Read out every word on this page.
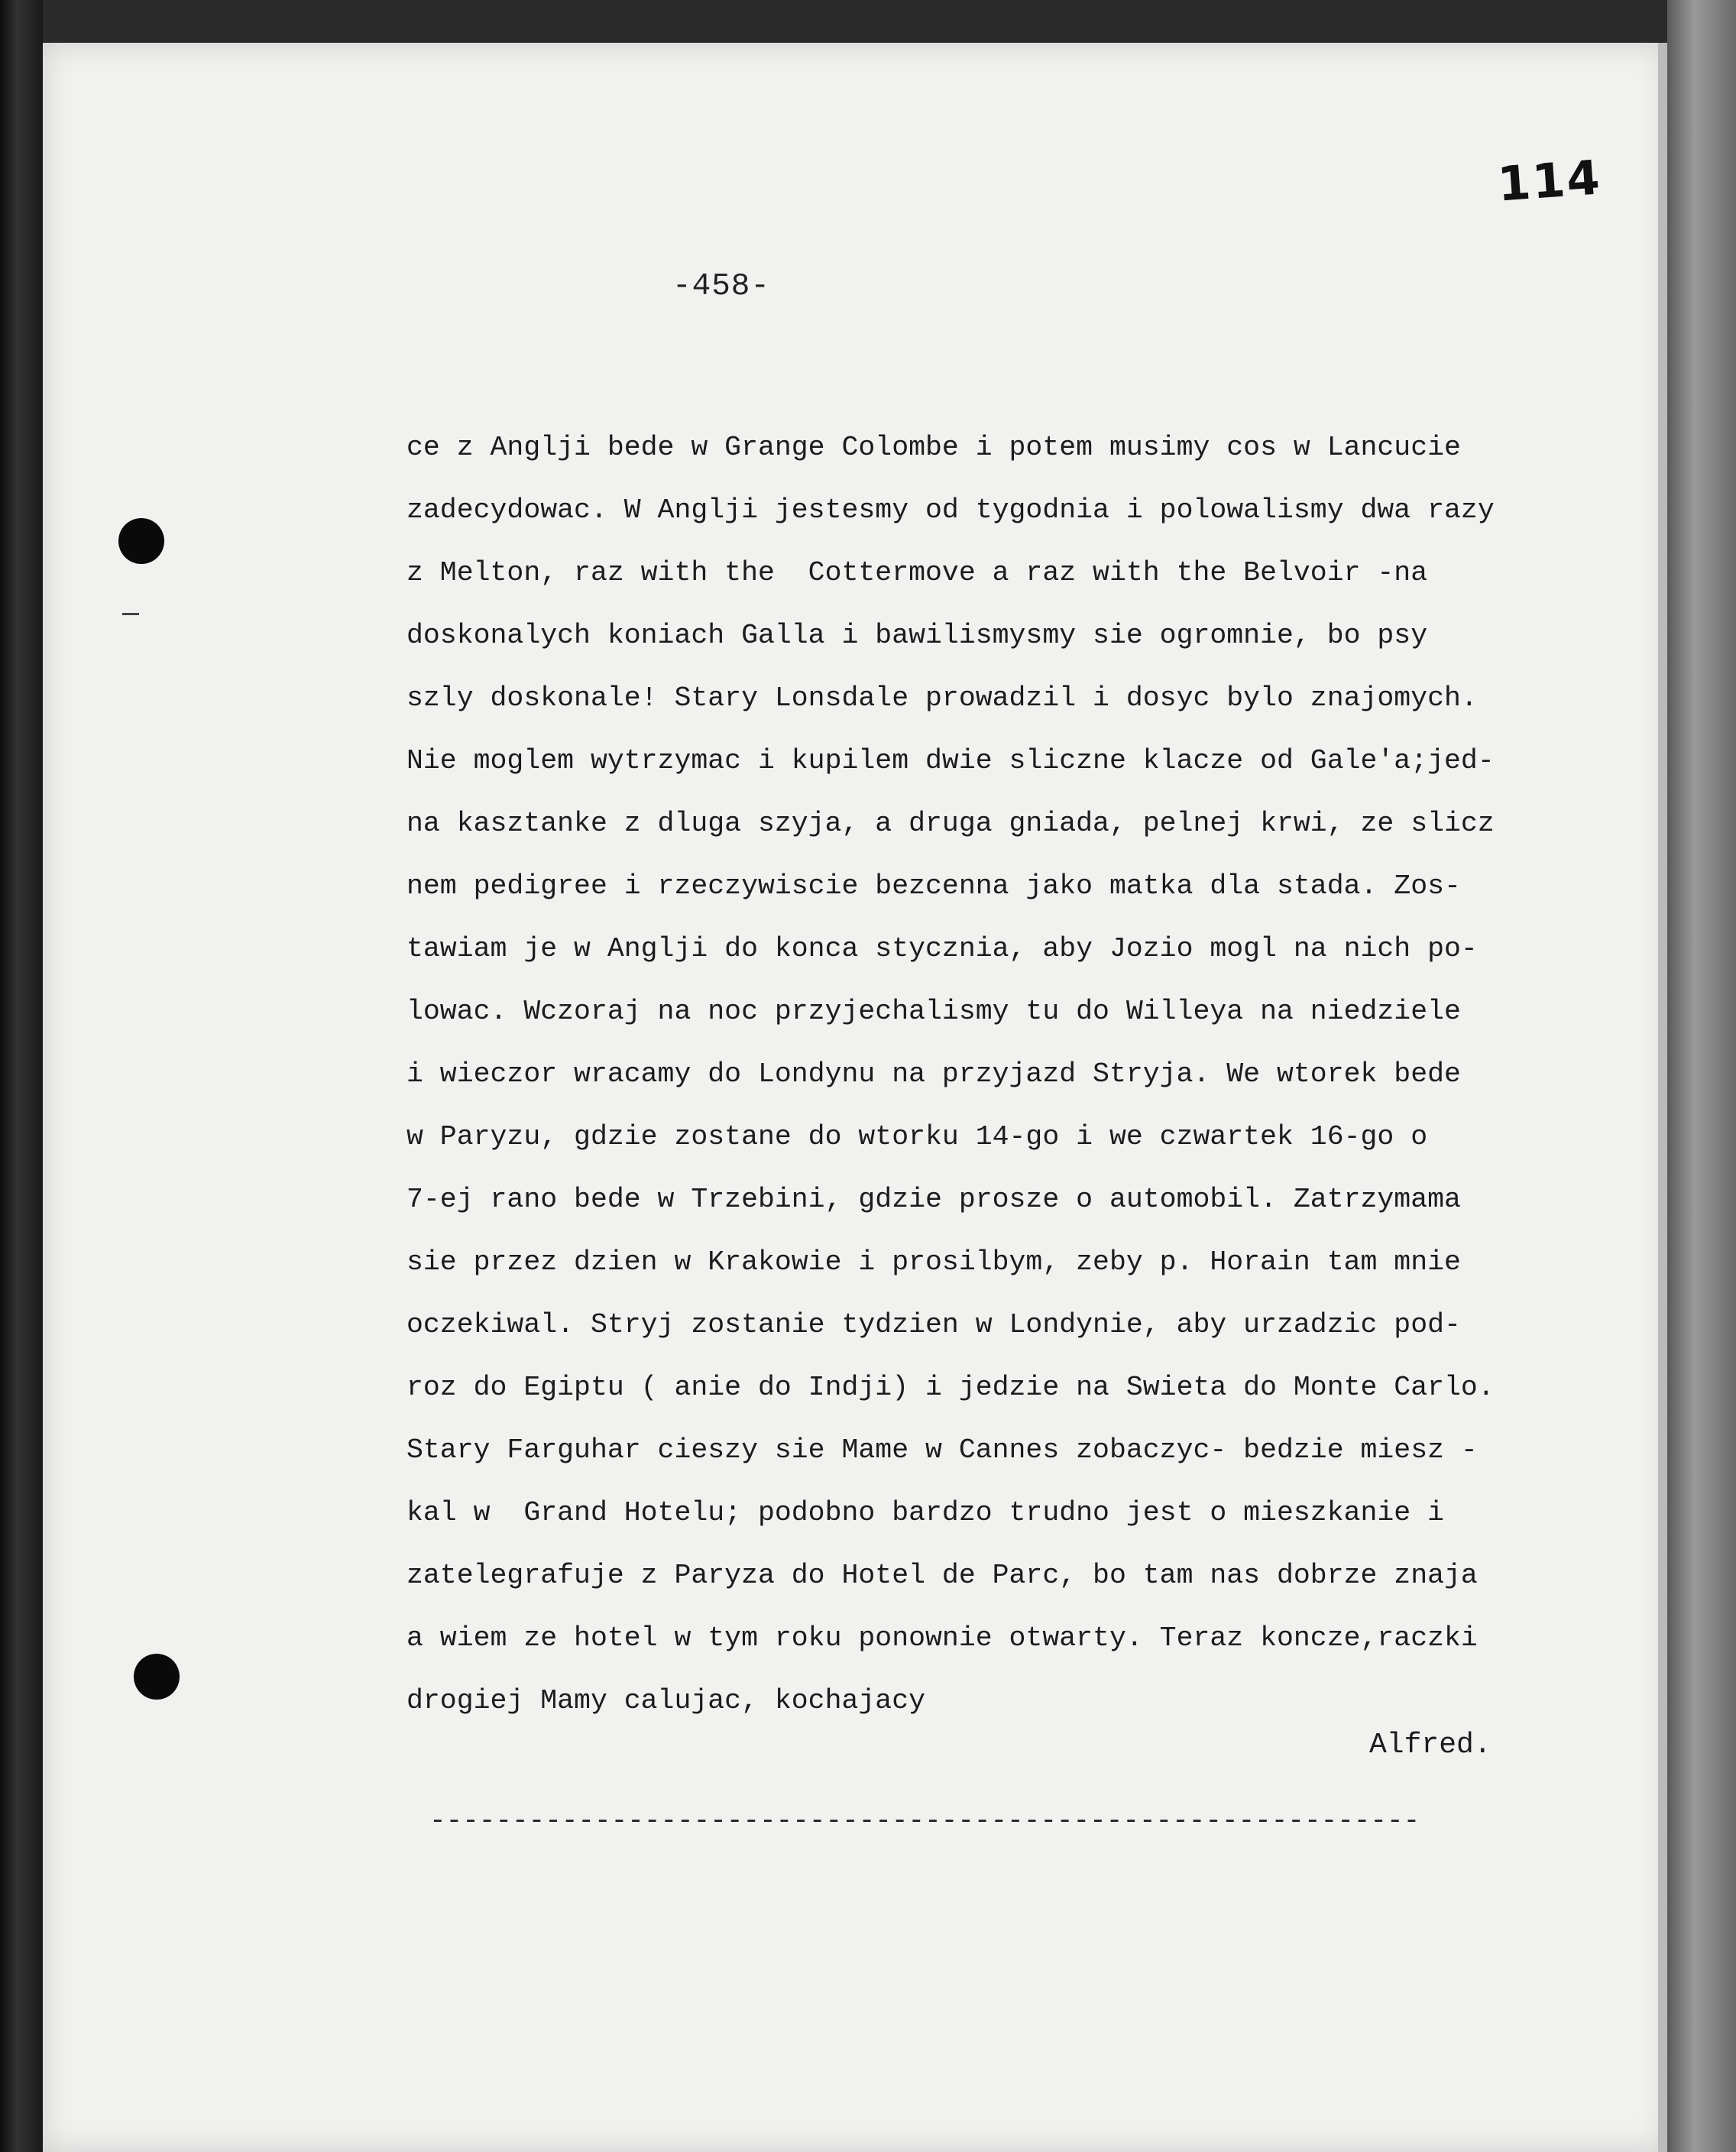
114
-458-
ce z Anglji bede w Grange Colombe i potem musimy cos w Lancucie
zadecydowac. W Anglji jestesmy od tygodnia i polowalismy dwa razy
z Melton, raz with the  Cottermove a raz with the Belvoir -na
doskonalych koniach Galla i bawilismysmy sie ogromnie, bo psy
szly doskonale! Stary Lonsdale prowadzil i dosyc bylo znajomych.
Nie moglem wytrzymac i kupilem dwie sliczne klacze od Gale'a;jed-
na kasztanke z dluga szyja, a druga gniada, pelnej krwi, ze slicz
nem pedigree i rzeczywiscie bezcenna jako matka dla stada. Zos-
tawiam je w Anglji do konca stycznia, aby Jozio mogl na nich po-
lowac. Wczoraj na noc przyjechalismy tu do Willeya na niedziele
i wieczor wracamy do Londynu na przyjazd Stryja. We wtorek bede
w Paryzu, gdzie zostane do wtorku 14-go i we czwartek 16-go o
7-ej rano bede w Trzebini, gdzie prosze o automobil. Zatrzymama
sie przez dzien w Krakowie i prosilbym, zeby p. Horain tam mnie
oczekiwal. Stryj zostanie tydzien w Londynie, aby urzadzic pod-
roz do Egiptu ( anie do Indji) i jedzie na Swieta do Monte Carlo.
Stary Farguhar cieszy sie Mame w Cannes zobaczyc- bedzie miesz -
kal w  Grand Hotelu; podobno bardzo trudno jest o mieszkanie i
zatelegrafuje z Paryza do Hotel de Parc, bo tam nas dobrze znaja
a wiem ze hotel w tym roku ponownie otwarty. Teraz koncze,raczki
drogiej Mamy calujac, kochajacy
Alfred.
------------------------------------------------------------
